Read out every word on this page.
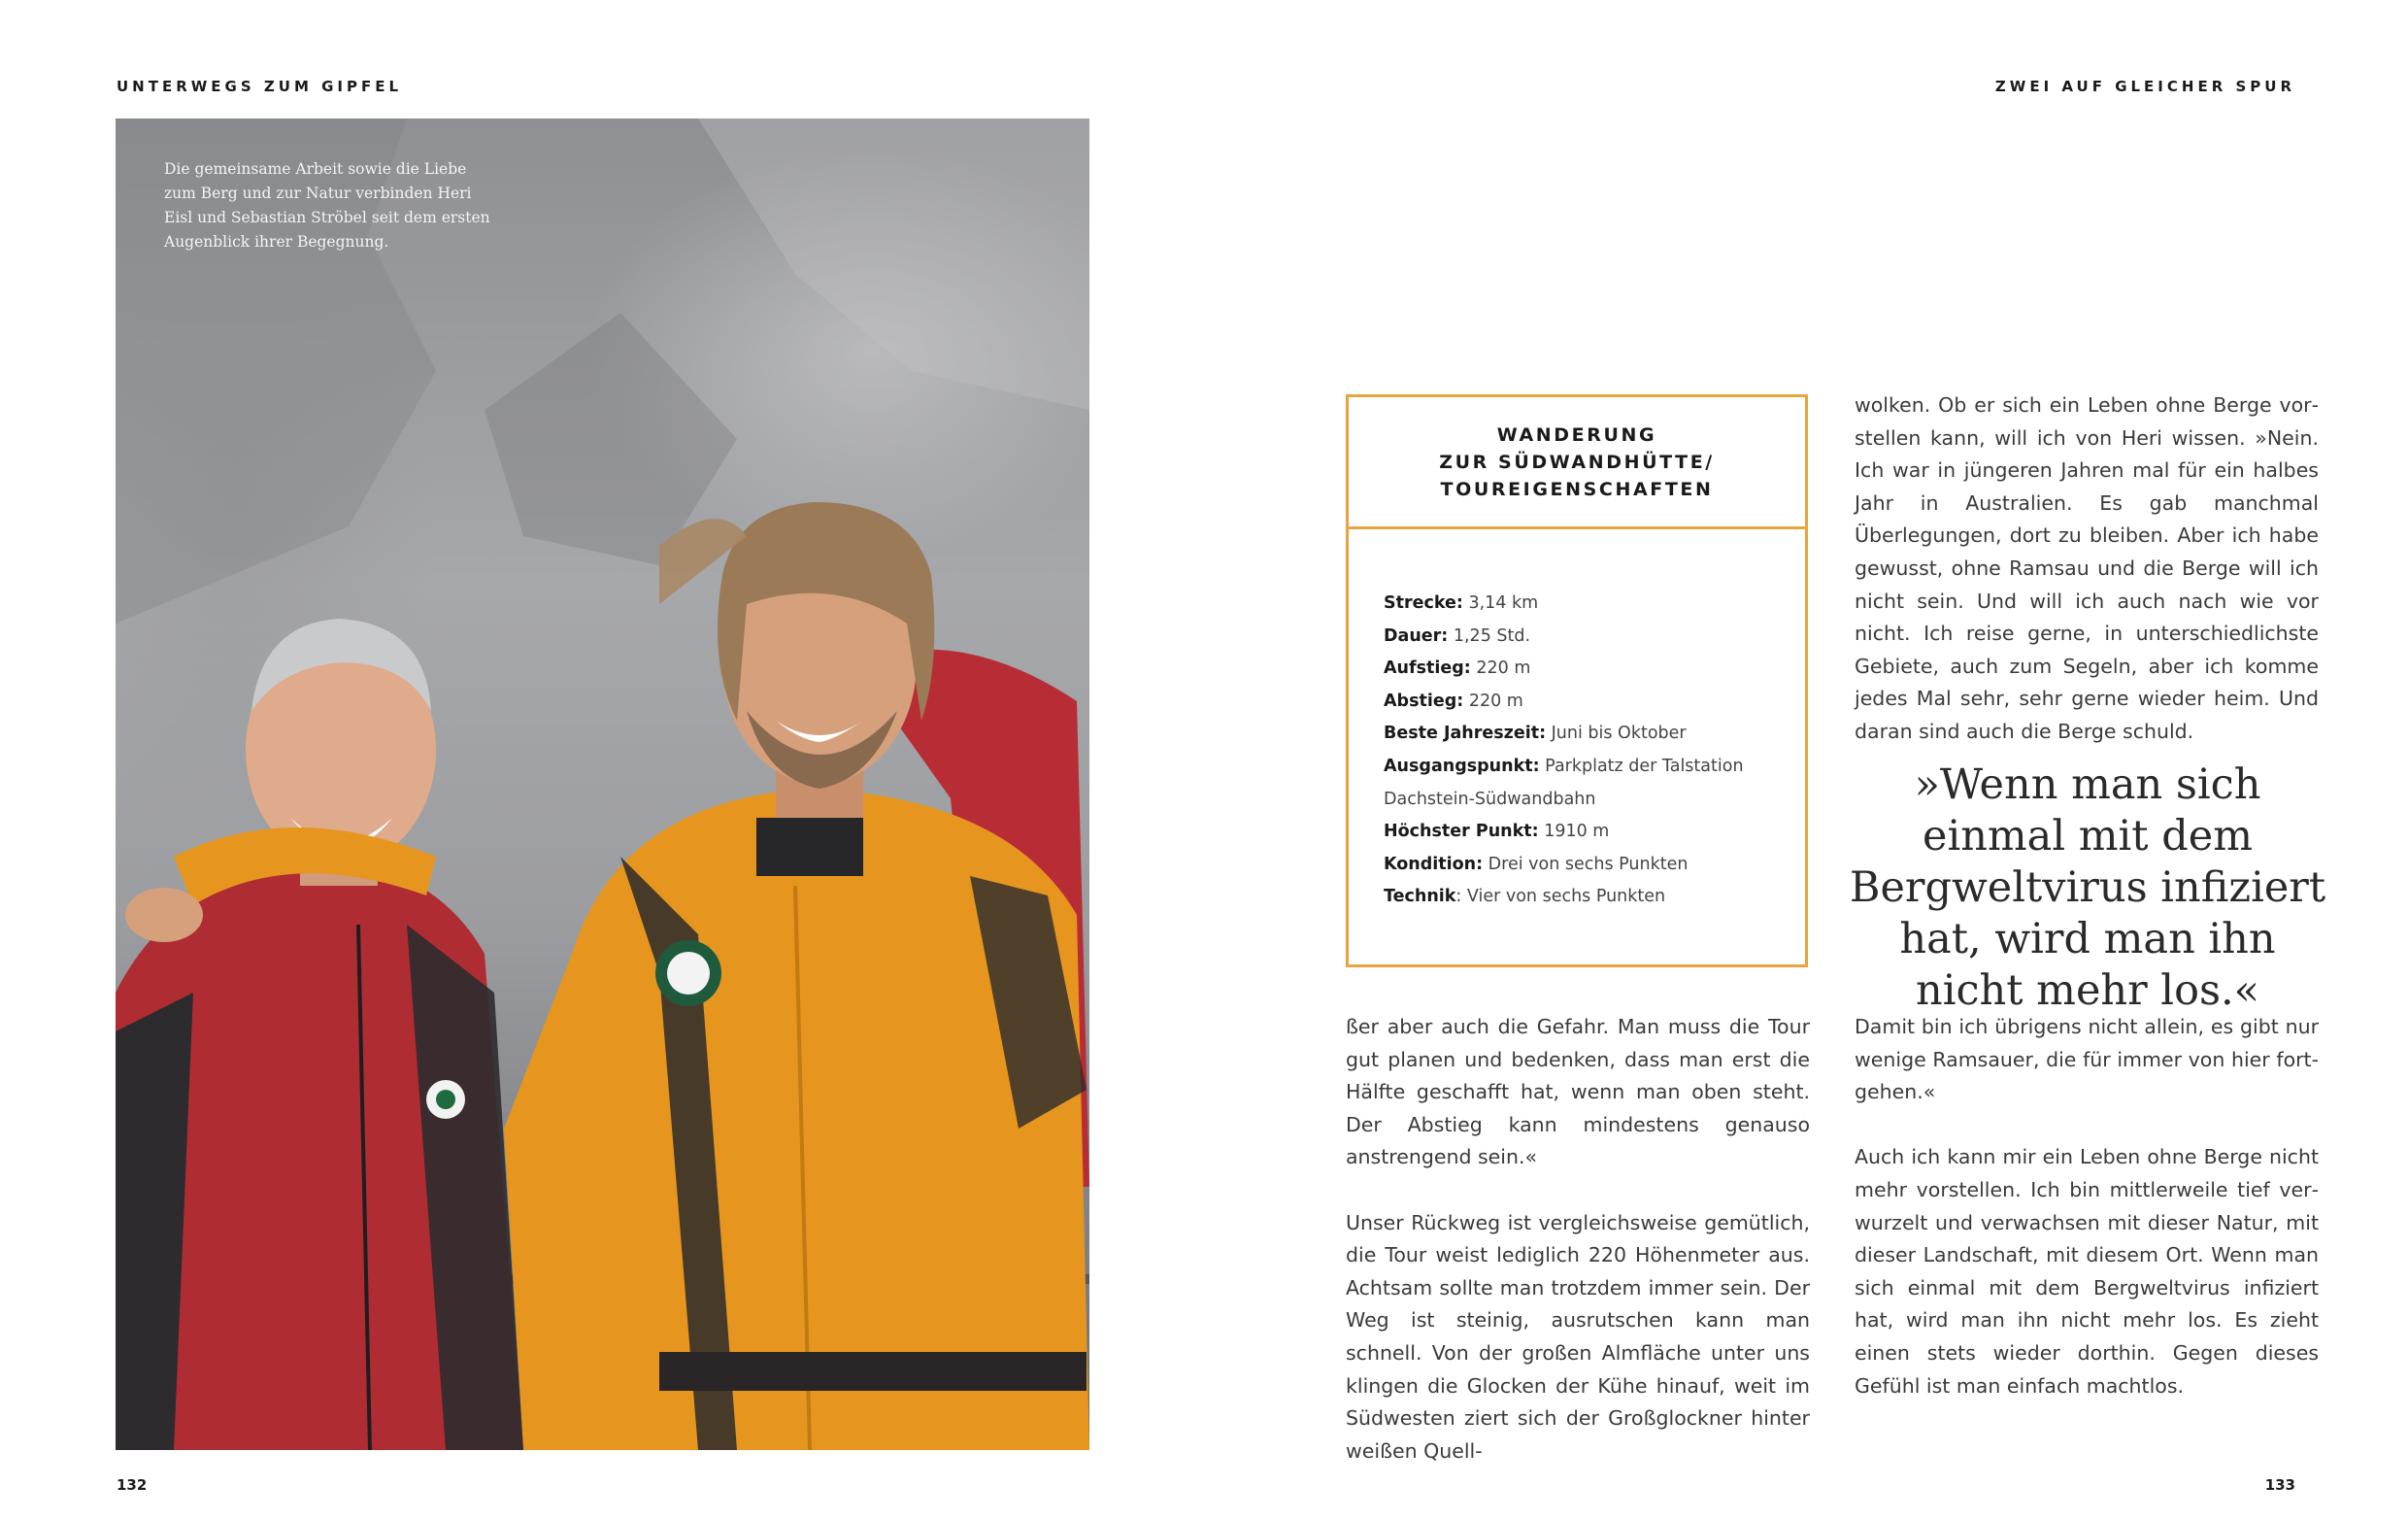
UNTERWEGS ZUM GIPFEL	ZWEI AUF GLEICHER SPUR
Die gemeinsame Arbeit sowie die Liebe zum Berg und zur Natur verbinden Heri Eisl und Sebastian Ströbel seit dem ersten Augenblick ihrer Begegnung.
WANDERUNG
ZUR SÜDWANDHÜTTE/
TOUREIGENSCHAFTEN
Strecke: 3,14 km
Dauer: 1,25 Std.
Aufstieg: 220 m
Abstieg: 220 m
Beste Jahreszeit: Juni bis Oktober
Ausgangspunkt: Parkplatz der Talstation Dachstein-Südwandbahn
Höchster Punkt: 1910 m
Kondition: Drei von sechs Punkten
Technik: Vier von sechs Punkten

ßer aber auch die Gefahr. Man muss die Tour gut planen und bedenken, dass man erst die Hälfte geschafft hat, wenn man oben steht. Der Abstieg kann mindestens genauso anstrengend sein.«

Unser Rückweg ist vergleichsweise gemütlich, die Tour weist lediglich 220 Höhenmeter aus. Achtsam sollte man trotzdem immer sein. Der Weg ist steinig, ausrutschen kann man schnell. Von der großen Almfläche unter uns klingen die Glocken der Kühe hinauf, weit im Südwesten ziert sich der Großglockner hinter weißen Quell-

wolken. Ob er sich ein Leben ohne Berge vorstellen kann, will ich von Heri wissen. »Nein. Ich war in jüngeren Jahren mal für ein halbes Jahr in Australien. Es gab manchmal Überlegungen, dort zu bleiben. Aber ich habe gewusst, ohne Ramsau und die Berge will ich nicht sein. Und will ich auch nach wie vor nicht. Ich reise gerne, in unterschiedlichste Gebiete, auch zum Segeln, aber ich komme jedes Mal sehr, sehr gerne wieder heim. Und daran sind auch die Berge schuld.

»Wenn man sich einmal mit dem Bergweltvirus infiziert hat, wird man ihn nicht mehr los.«

Damit bin ich übrigens nicht allein, es gibt nur wenige Ramsauer, die für immer von hier fortgehen.«

Auch ich kann mir ein Leben ohne Berge nicht mehr vorstellen. Ich bin mittlerweile tief verwurzelt und verwachsen mit dieser Natur, mit dieser Landschaft, mit diesem Ort. Wenn man sich einmal mit dem Bergweltvirus infiziert hat, wird man ihn nicht mehr los. Es zieht einen stets wieder dorthin. Gegen dieses Gefühl ist man einfach machtlos.

132	133
